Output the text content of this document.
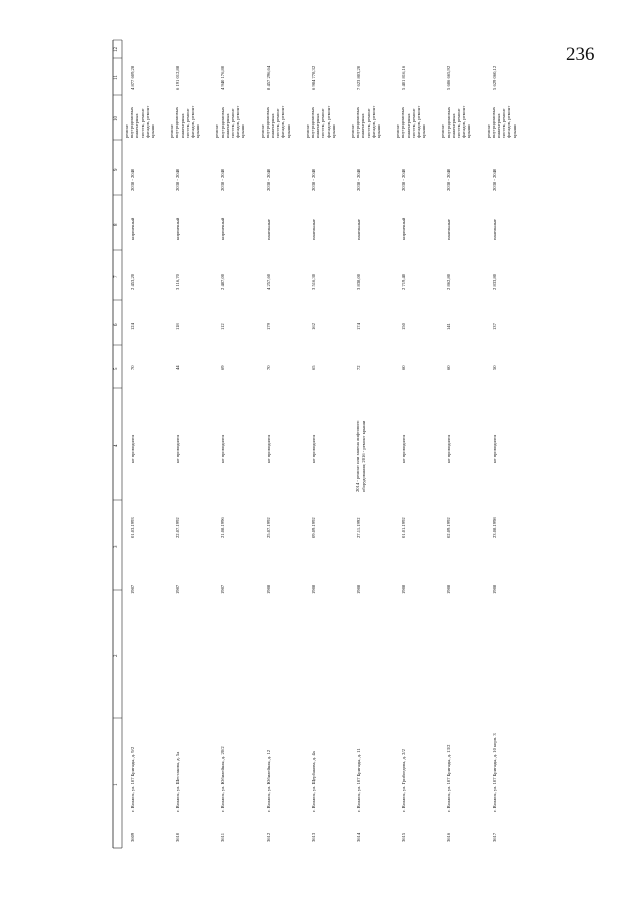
236
1
2
3
4
5
6
7
8
9
10
11
12
3609
г. Волжск, ул. 107 Бригады, д. 9/2
1987
01.03.1993
не проводился
70
124
2 453,20
кирпичный
2038 - 2040
ремонт внутридомовых инженерных систем, ремонт фасадов, ремонт крыши
4 877 609,28
3610
г. Волжск, ул. Шестакова, д. 5а
1987
22.07.1992
не проводился
44
118
3 116,70
кирпичный
2038 - 2040
ремонт внутридомовых инженерных систем, ремонт фасадов, ремонт крыши
6 191 012,88
3611
г. Волжск, ул. Юбилейная, д. 20/2
1987
21.08.1996
не проводился
69
112
2 487,00
кирпичный
2038 - 2040
ремонт внутридомовых инженерных систем, ремонт фасадов, ремонт крыши
4 940 176,80
3612
г. Волжск, ул. Юбилейная, д. 12
1988
25.07.1992
не проводился
70
179
4 257,60
панельные
2038 - 2040
ремонт внутридомовых инженерных систем, ремонт фасадов, ремонт крыши
8 457 296,64
3613
г. Волжск, ул. Щербакова, д. 4а
1988
09.09.1992
не проводился
65
162
3 516,30
панельные
2038 - 2040
ремонт внутридомовых инженерных систем, ремонт фасадов, ремонт крыши
6 984 778,32
3614
г. Волжск, ул. 107 Бригады, д. 11
1988
27.11.1992
2014 - ремонт или замена лифтового оборудования; 2016 - ремонт крыши
72
174
3 838,00
панельные
2038 - 2040
ремонт внутридомовых инженерных систем, ремонт фасадов, ремонт крыши
7 623 803,20
3615
г. Волжск, ул. Грибоедова, д. 2/2
1988
01.01.1992
не проводился
60
150
2 719,40
кирпичный
2038 - 2040
ремонт внутридомовых инженерных систем, ремонт фасадов, ремонт крыши
5 401 816,16
3616
г. Волжск, ул. 107 Бригады, д. 13/2
1988
02.09.1992
не проводился
60
141
2 862,80
панельные
2038 - 2040
ремонт внутридомовых инженерных систем, ремонт фасадов, ремонт крыши
5 686 665,92
3617
г. Волжск, ул. 107 Бригады, д. 10 корп. 3
1988
23.08.1998
не проводился
50
137
2 833,80
панельные
2038 - 2040
ремонт внутридомовых инженерных систем, ремонт фасадов, ремонт крыши
5 629 060,12
